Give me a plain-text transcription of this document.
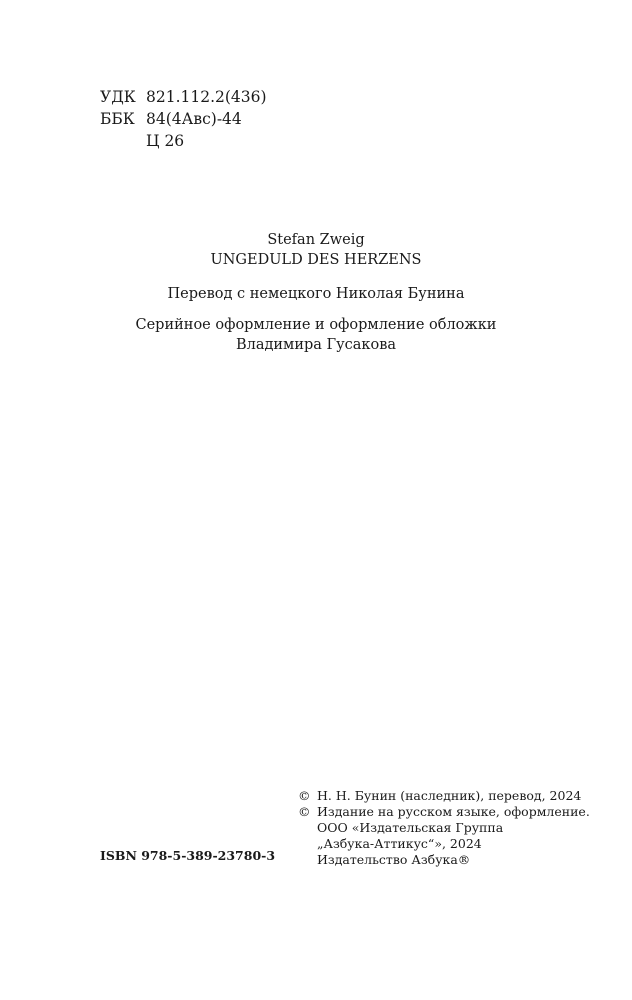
УДК 821.112.2(436)
ББК 84(4Авс)-44
Ц 26

Stefan Zweig

UNGEDULD DES HERZENS

Перевод с немецкого Николая Бунина

Серийное оформление и оформление обложки

Владимира Гусакова

ISBN 978-5-389-23780-3
© Н. Н. Бунин (наследник), перевод, 2024
© Издание на русском языке, оформление.
ООО «Издательская Группа
„Азбука-Аттикус“», 2024
Издательство Азбука®
